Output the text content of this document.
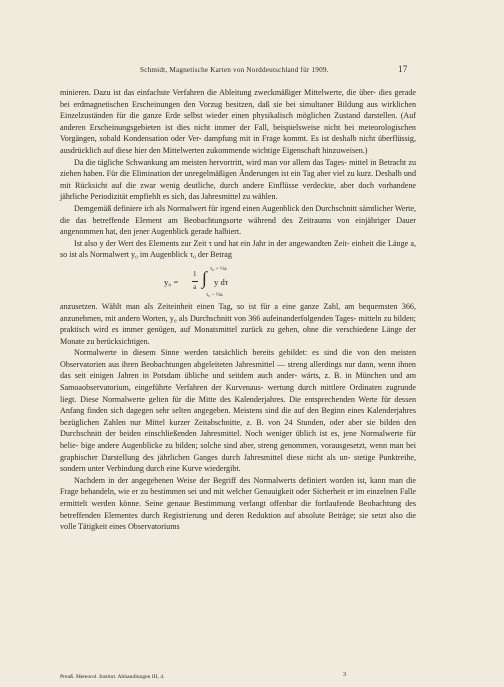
Schmidt, Magnetische Karten von Norddeutschland für 1909.	17

minieren. Dazu ist das einfachste Verfahren die Ableitung zweckmäßiger Mittelwerte, die über- dies gerade bei erdmagnetischen Erscheinungen den Vorzug besitzen, daß sie bei simultaner Bildung aus wirklichen Einzelzuständen für die ganze Erde selbst wieder einen physikalisch möglichen Zustand darstellen. (Auf anderen Erscheinungsgebieten ist dies nicht immer der Fall, beispielsweise nicht bei meteorologischen Vorgängen, sobald Kondensation oder Ver- dampfung mit in Frage kommt. Es ist deshalb nicht überflüssig, ausdrücklich auf diese hier den Mittelwerten zukommende wichtige Eigenschaft hinzuweisen.)

Da die tägliche Schwankung am meisten hervortritt, wird man vor allem das Tages- mittel in Betracht zu ziehen haben. Für die Elimination der unregelmäßigen Änderungen ist ein Tag aber viel zu kurz. Deshalb und mit Rücksicht auf die zwar wenig deutliche, durch andere Einflüsse verdeckte, aber doch vorhandene jährliche Periodizität empfiehlt es sich, das Jahresmittel zu wählen.

Demgemäß definiere ich als Normalwert für irgend einen Augenblick den Durchschnitt sämtlicher Werte, die das betreffende Element am Beobachtungsorte während des Zeitraums von einjähriger Dauer angenommen hat, den jener Augenblick gerade halbiert.

Ist also y der Wert des Elements zur Zeit τ und hat ein Jahr in der angewandten Zeit- einheit die Länge a, so ist als Normalwert y₀ im Augenblick τ₀ der Betrag

$y_0 = \frac{1}{a}$ ∫ τ₀ + ½a
τ₀ − ½a
y dτ

anzusetzen. Wählt man als Zeiteinheit einen Tag, so ist für a eine ganze Zahl, am bequemsten 366, anzunehmen, mit andern Worten, y₀ als Durchschnitt von 366 aufeinanderfolgenden Tages- mitteln zu bilden; praktisch wird es immer genügen, auf Monatsmittel zurück zu gehen, ohne die verschiedene Länge der Monate zu berücksichtigen.

Normalwerte in diesem Sinne werden tatsächlich bereits gebildet: es sind die von den meisten Observatorien aus ihren Beobachtungen abgeleiteten Jahresmittel — streng allerdings nur dann, wenn ihnen das seit einigen Jahren in Potsdam übliche und seitdem auch ander- wärts, z. B. in München und am Samoaobservatorium, eingeführte Verfahren der Kurvenaus- wertung durch mittlere Ordinaten zugrunde liegt. Diese Normalwerte gelten für die Mitte des Kalenderjahres. Die entsprechenden Werte für dessen Anfang finden sich dagegen sehr selten angegeben. Meistens sind die auf den Beginn eines Kalenderjahres bezüglichen Zahlen nur Mittel kurzer Zeitabschnitte, z. B. von 24 Stunden, oder aber sie bilden den Durchschnitt der beiden einschließenden Jahresmittel. Noch weniger üblich ist es, jene Normalwerte für belie- bige andere Augenblicke zu bilden; solche sind aber, streng genommen, vorausgesetzt, wenn man bei graphischer Darstellung des jährlichen Ganges durch Jahresmittel diese nicht als un- stetige Punktreihe, sondern unter Verbindung durch eine Kurve wiedergibt.

Nachdem in der angegebenen Weise der Begriff des Normalwerts definiert worden ist, kann man die Frage behandeln, wie er zu bestimmen sei und mit welcher Genauigkeit oder Sicherheit er im einzelnen Falle ermittelt werden könne. Seine genaue Bestimmung verlangt offenbar die fortlaufende Beobachtung des betreffenden Elementes durch Registrierung und deren Reduktion auf absolute Beträge; sie setzt also die volle Tätigkeit eines Observatoriums

Preuß. Meteorol. Institut. Abhandlungen III, 4.	3
